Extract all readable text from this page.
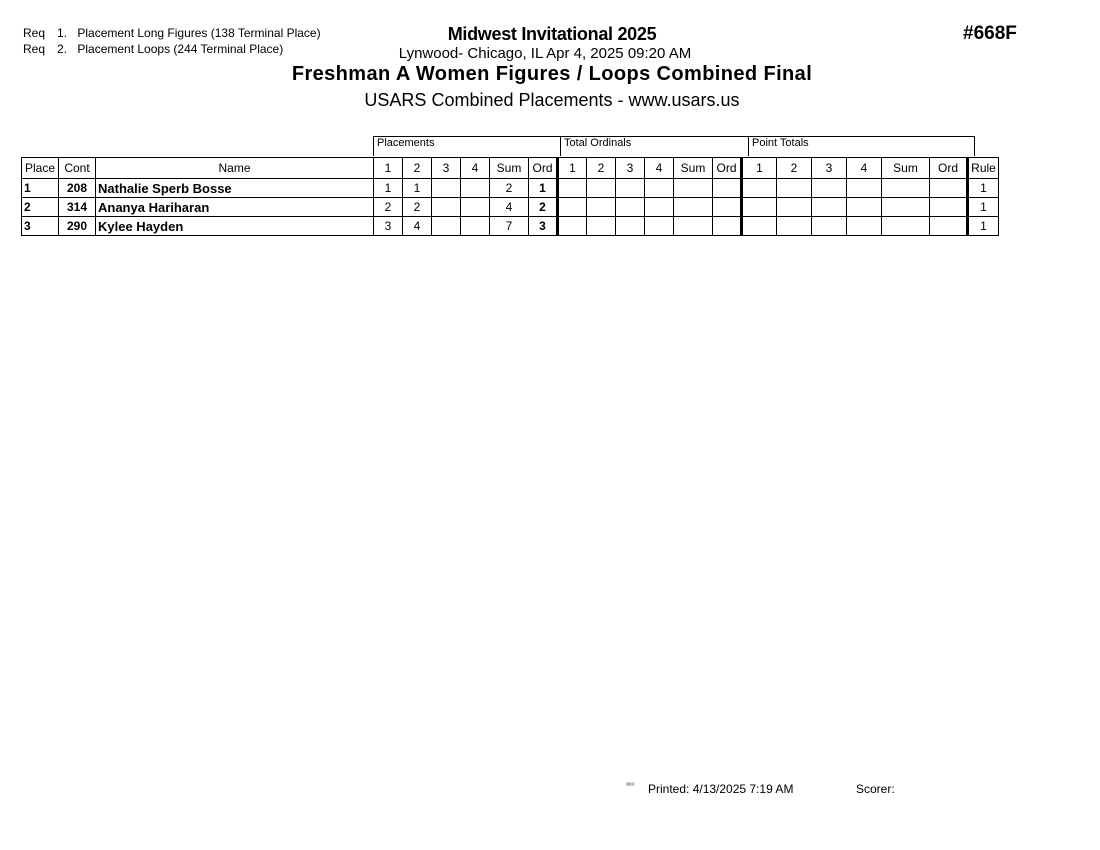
Req 1. Placement Long Figures (138 Terminal Place)
Req 2. Placement Loops (244 Terminal Place)
Midwest Invitational 2025
Lynwood- Chicago, IL Apr 4, 2025 09:20 AM
Freshman A Women Figures / Loops Combined Final
USARS Combined Placements - www.usars.us
#668F
Placements	Total Ordinals	Point Totals
Place	Cont	Name	1	2	3	4	Sum	Ord	1	2	3	4	Sum	Ord	1	2	3	4	Sum	Ord	Rule
1	208	Nathalie Sperb Bosse	1	1			2	1													1
2	314	Ananya Hariharan	2	2			4	2													1
3	290	Kylee Hayden	3	4			7	3													1
³³¹³ Printed: 4/13/2025 7:19 AM	Scorer:
